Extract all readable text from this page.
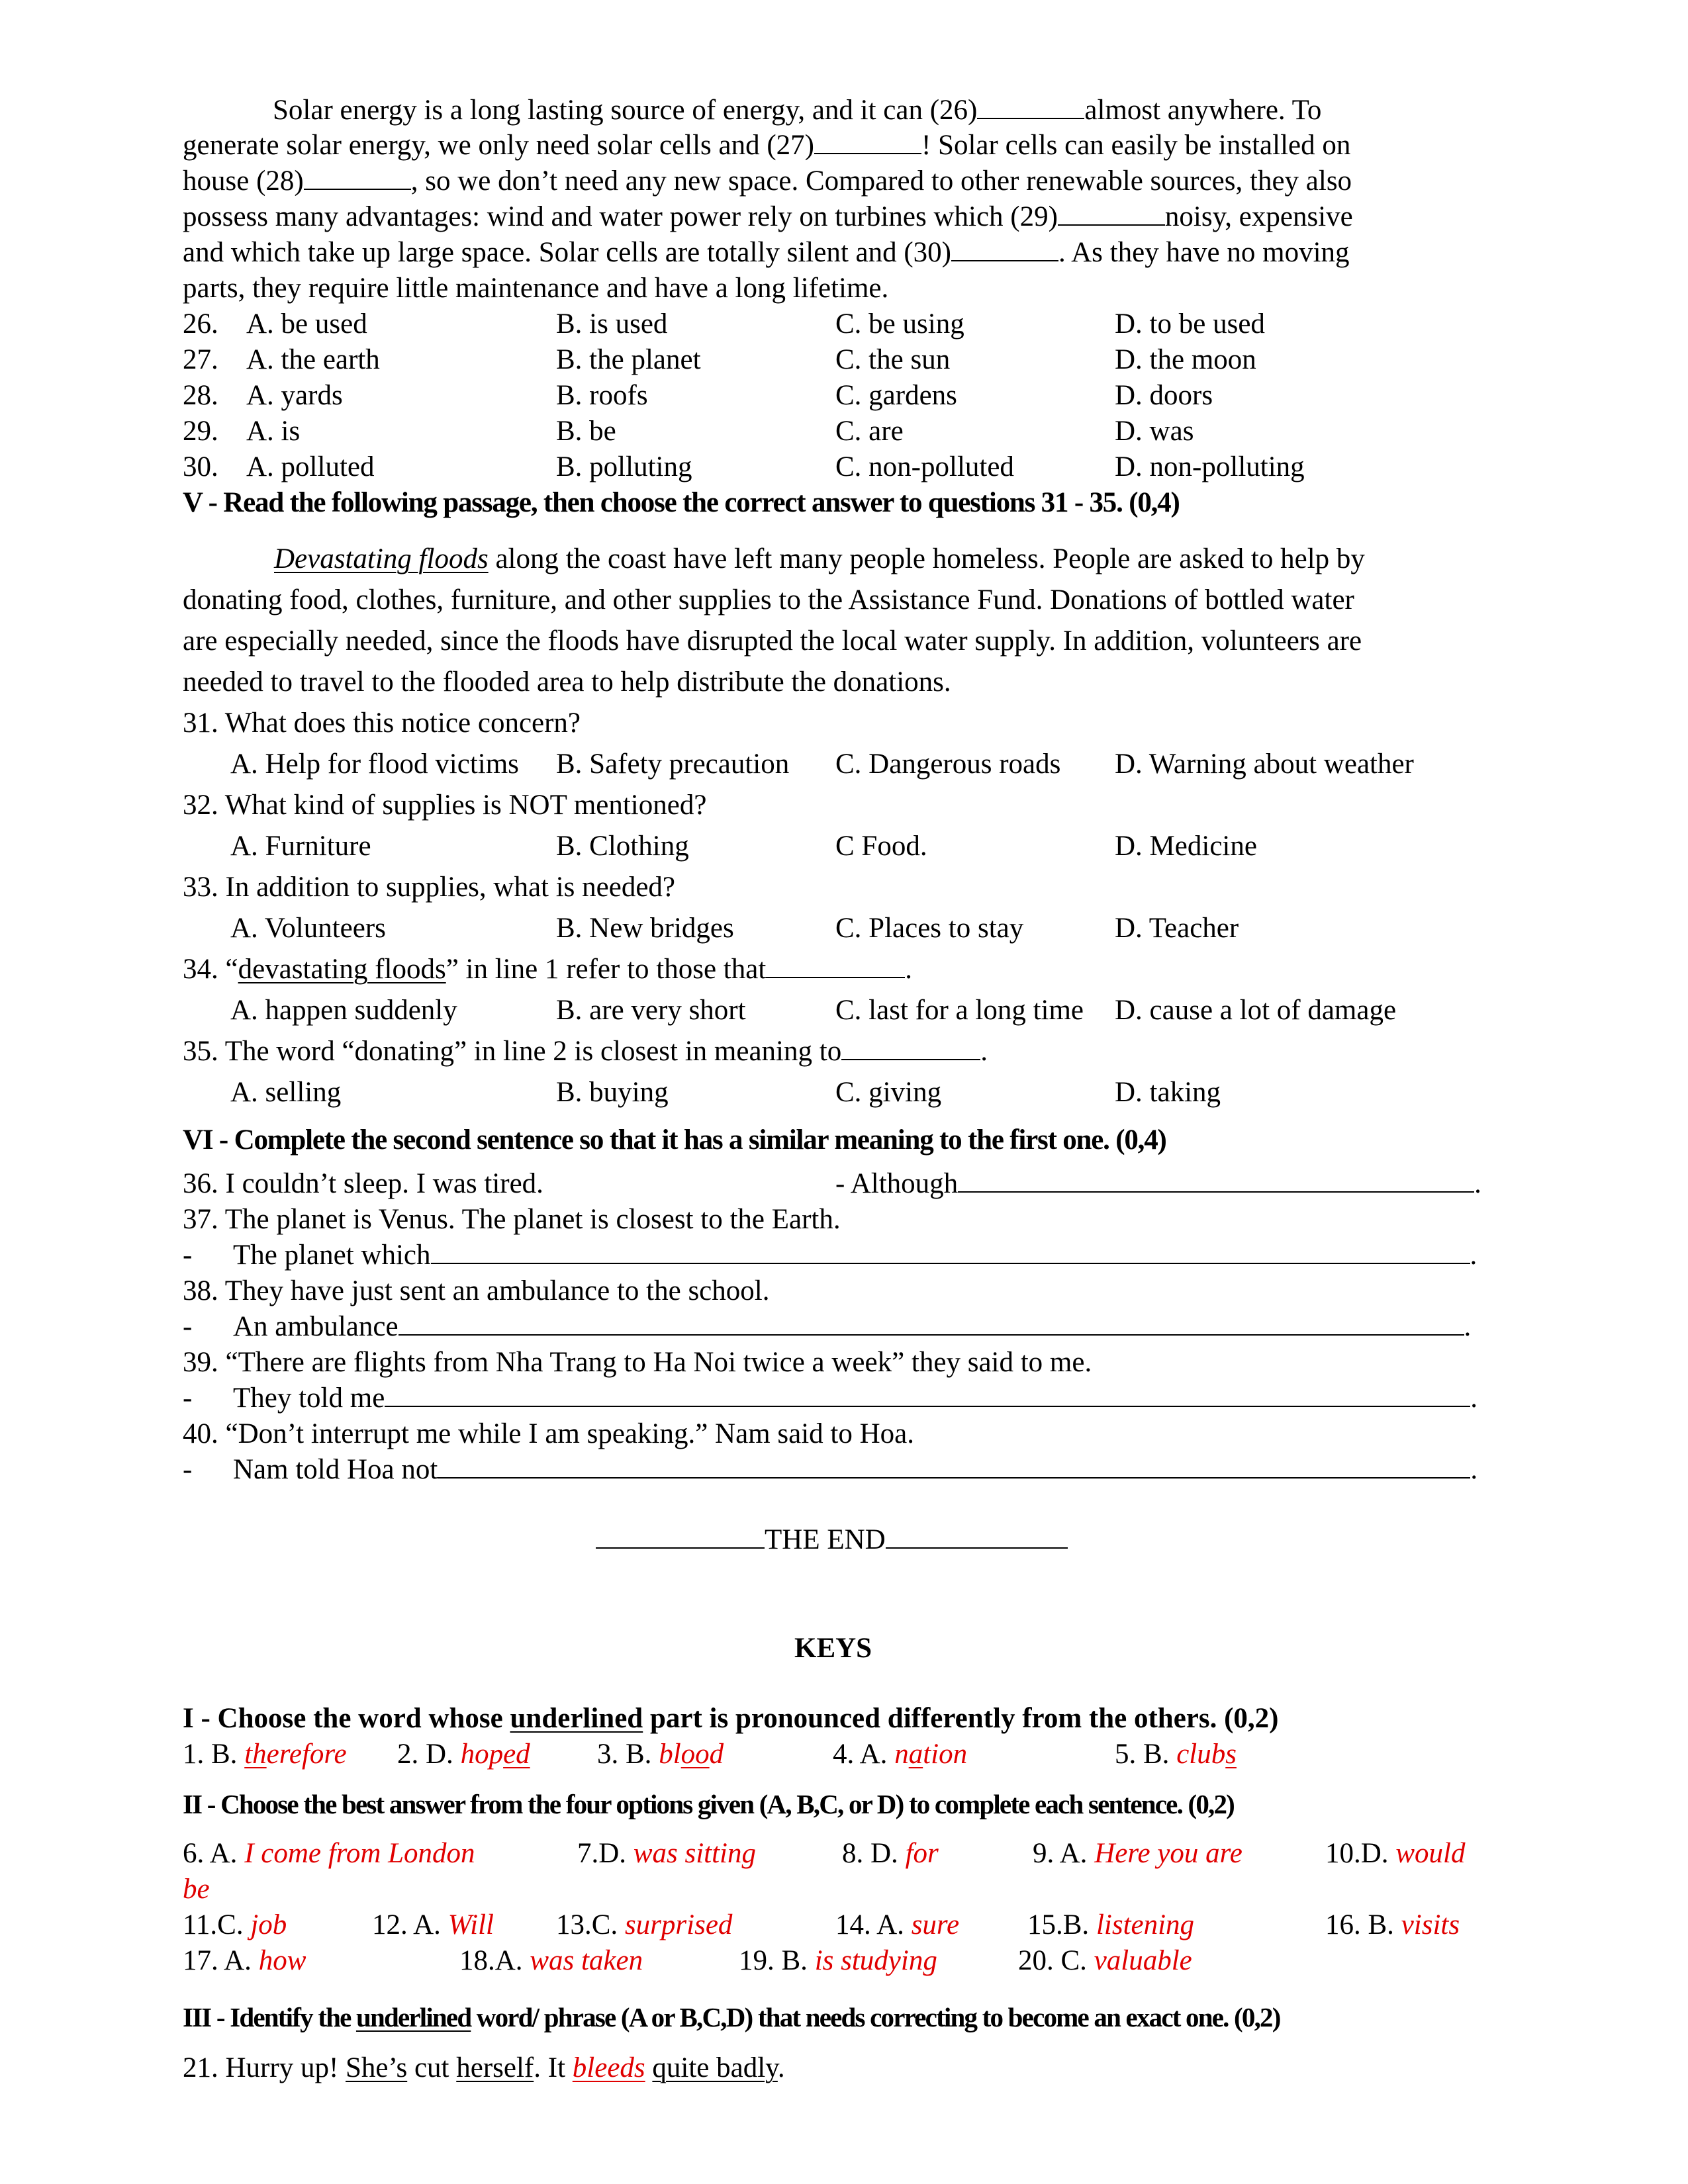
Solar energy is a long lasting source of energy, and it can (26)	almost anywhere. To
generate solar energy, we only need solar cells and (27)	! Solar cells can easily be installed on
house (28)	, so we don’t need any new space. Compared to other renewable sources, they also
possess many advantages: wind and water power rely on turbines which (29)	noisy, expensive
and which take up large space. Solar cells are totally silent and (30)	. As they have no moving
parts, they require little maintenance and have a long lifetime.
26. A. be used	B. is used	C. be using	D. to be used
27. A. the earth	B. the planet	C. the sun	D. the moon
28. A. yards	B. roofs	C. gardens	D. doors
29. A. is	B. be	C. are	D. was
30. A. polluted	B. polluting	C. non-polluted	D. non-polluting
V - Read the following passage, then choose the correct answer to questions 31 - 35. (0,4)
Devastating floods along the coast have left many people homeless. People are asked to help by
donating food, clothes, furniture, and other supplies to the Assistance Fund. Donations of bottled water
are especially needed, since the floods have disrupted the local water supply. In addition, volunteers are
needed to travel to the flooded area to help distribute the donations.
31. What does this notice concern?
A. Help for flood victims B. Safety precaution C. Dangerous roads D. Warning about weather
32. What kind of supplies is NOT mentioned?
A. Furniture	B. Clothing	C Food.	D. Medicine
33. In addition to supplies, what is needed?
A. Volunteers	B. New bridges	C. Places to stay	D. Teacher
34. “devastating floods” in line 1 refer to those that	.
A. happen suddenly	B. are very short	C. last for a long time D. cause a lot of damage
35. The word “donating” in line 2 is closest in meaning to	.
A. selling	B. buying	C. giving	D. taking
VI - Complete the second sentence so that it has a similar meaning to the first one. (0,4)
36. I couldn’t sleep. I was tired.	- Although	.
37. The planet is Venus. The planet is closest to the Earth.
- The planet which	.
38. They have just sent an ambulance to the school.
- An ambulance	.
39. “There are flights from Nha Trang to Ha Noi twice a week” they said to me.
- They told me	.
40. “Don’t interrupt me while I am speaking.” Nam said to Hoa.
- Nam told Hoa not	.
THE END
KEYS
I - Choose the word whose underlined part is pronounced differently from the others. (0,2)
1. B. therefore 2. D. hoped 3. B. blood	4. A. nation	5. B. clubs
II - Choose the best answer from the four options given (A, B,C, or D) to complete each sentence. (0,2)
6. A. I come from London	7.D. was sitting	8. D. for	9. A. Here you are	10.D. would
be
11.C. job	12. A. Will 13.C. surprised	14. A. sure 15.B. listening	16. B. visits
17. A. how	18.A. was taken	19. B. is studying	20. C. valuable
III - Identify the underlined word/ phrase (A or B,C,D) that needs correcting to become an exact one. (0,2)
21. Hurry up! She’s cut herself. It bleeds quite badly.
